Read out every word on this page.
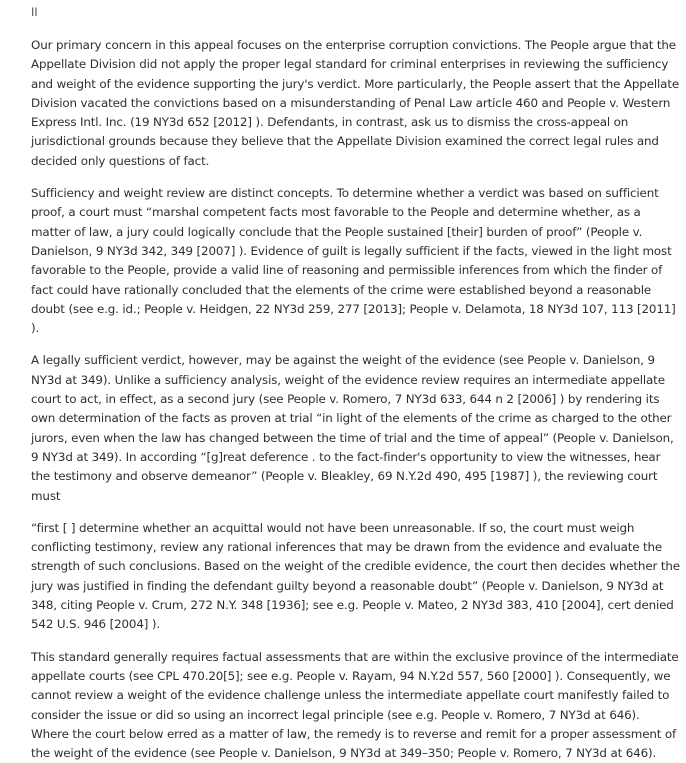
II

Our primary concern in this appeal focuses on the enterprise corruption convictions. The People argue that the Appellate Division did not apply the proper legal standard for criminal enterprises in reviewing the sufficiency and weight of the evidence supporting the jury's verdict. More particularly, the People assert that the Appellate Division vacated the convictions based on a misunderstanding of Penal Law article 460 and People v. Western Express Intl. Inc. (19 NY3d 652 [2012] ). Defendants, in contrast, ask us to dismiss the cross-appeal on jurisdictional grounds because they believe that the Appellate Division examined the correct legal rules and decided only questions of fact.

Sufficiency and weight review are distinct concepts. To determine whether a verdict was based on sufficient proof, a court must “marshal competent facts most favorable to the People and determine whether, as a matter of law, a jury could logically conclude that the People sustained [their] burden of proof” (People v. Danielson, 9 NY3d 342, 349 [2007] ). Evidence of guilt is legally sufficient if the facts, viewed in the light most favorable to the People, provide a valid line of reasoning and permissible inferences from which the finder of fact could have rationally concluded that the elements of the crime were established beyond a reasonable doubt (see e.g. id.; People v. Heidgen, 22 NY3d 259, 277 [2013]; People v. Delamota, 18 NY3d 107, 113 [2011] ).

A legally sufficient verdict, however, may be against the weight of the evidence (see People v. Danielson, 9 NY3d at 349). Unlike a sufficiency analysis, weight of the evidence review requires an intermediate appellate court to act, in effect, as a second jury (see People v. Romero, 7 NY3d 633, 644 n 2 [2006] ) by rendering its own determination of the facts as proven at trial “in light of the elements of the crime as charged to the other jurors, even when the law has changed between the time of trial and the time of appeal” (People v. Danielson, 9 NY3d at 349). In according “[g]reat deference . to the fact-finder's opportunity to view the witnesses, hear the testimony and observe demeanor” (People v. Bleakley, 69 N.Y.2d 490, 495 [1987] ), the reviewing court must

“first [ ] determine whether an acquittal would not have been unreasonable. If so, the court must weigh conflicting testimony, review any rational inferences that may be drawn from the evidence and evaluate the strength of such conclusions. Based on the weight of the credible evidence, the court then decides whether the jury was justified in finding the defendant guilty beyond a reasonable doubt” (People v. Danielson, 9 NY3d at 348, citing People v. Crum, 272 N.Y. 348 [1936]; see e.g. People v. Mateo, 2 NY3d 383, 410 [2004], cert denied 542 U.S. 946 [2004] ).

This standard generally requires factual assessments that are within the exclusive province of the intermediate appellate courts (see CPL 470.20[5]; see e.g. People v. Rayam, 94 N.Y.2d 557, 560 [2000] ). Consequently, we cannot review a weight of the evidence challenge unless the intermediate appellate court manifestly failed to consider the issue or did so using an incorrect legal principle (see e.g. People v. Romero, 7 NY3d at 646). Where the court below erred as a matter of law, the remedy is to reverse and remit for a proper assessment of the weight of the evidence (see People v. Danielson, 9 NY3d at 349–350; People v. Romero, 7 NY3d at 646).
